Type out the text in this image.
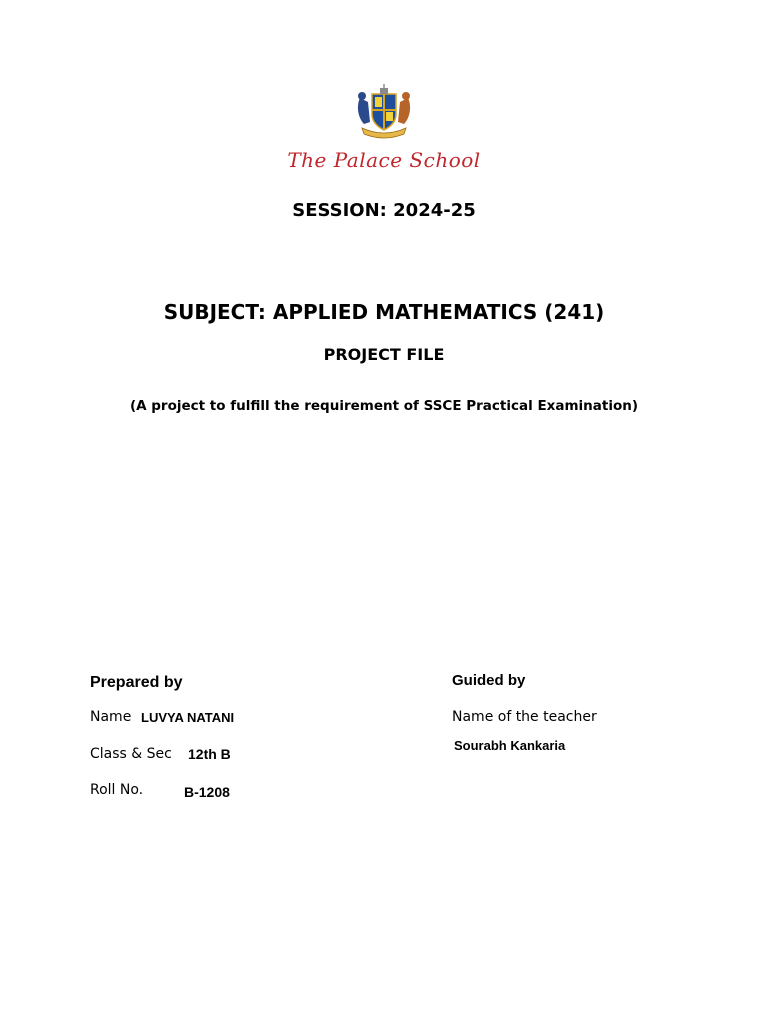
The Palace School
SESSION: 2024-25
SUBJECT: APPLIED MATHEMATICS (241)
PROJECT FILE
(A project to fulfill the requirement of SSCE Practical Examination)
Prepared by
Name LUVYA NATANI
Class & Sec 12th B
Roll No.	B-1208
Guided by
Name of the teacher
Sourabh Kankaria
